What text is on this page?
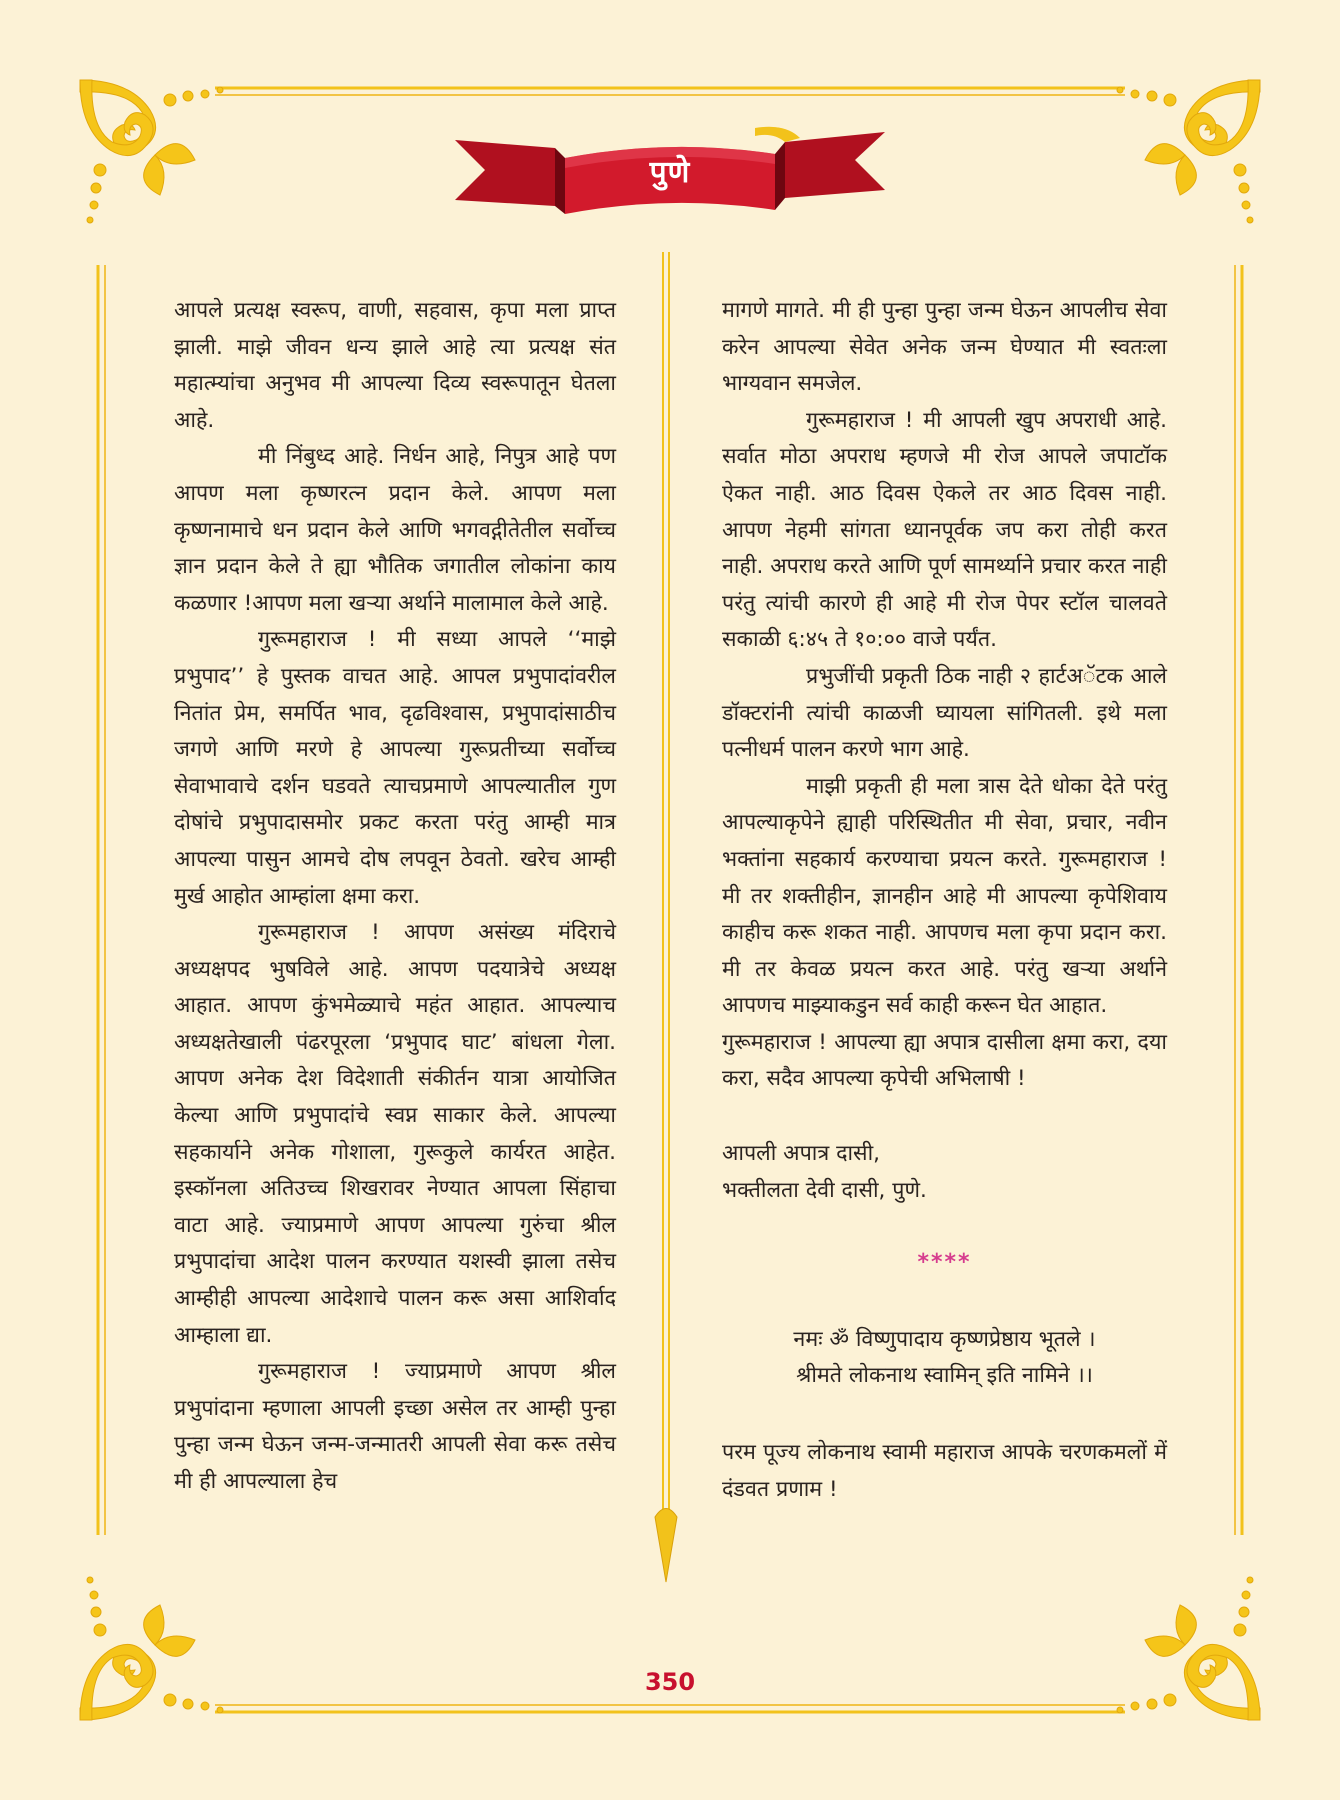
पुणे

आपले प्रत्यक्ष स्वरूप, वाणी, सहवास, कृपा मला प्राप्त झाली. माझे जीवन धन्य झाले आहे त्या प्रत्यक्ष संत महात्म्यांचा अनुभव मी आपल्या दिव्य स्वरूपातून घेतला आहे.

मी निंबुध्द आहे. निर्धन आहे, निपुत्र आहे पण आपण मला कृष्णरत्न प्रदान केले. आपण मला कृष्णनामाचे धन प्रदान केले आणि भगवद्गीतेतील सर्वोच्च ज्ञान प्रदान केले ते ह्या भौतिक जगातील लोकांना काय कळणार !आपण मला खऱ्या अर्थाने मालामाल केले आहे.

गुरूमहाराज ! मी सध्या आपले ‘‘माझे प्रभुपाद’’ हे पुस्तक वाचत आहे. आपल प्रभुपादांवरील नितांत प्रेम, समर्पित भाव, दृढविश्वास, प्रभुपादांसाठीच जगणे आणि मरणे हे आपल्या गुरूप्रतीच्या सर्वोच्च सेवाभावाचे दर्शन घडवते त्याचप्रमाणे आपल्यातील गुण दोषांचे प्रभुपादासमोर प्रकट करता परंतु आम्ही मात्र आपल्या पासुन आमचे दोष लपवून ठेवतो. खरेच आम्ही मुर्ख आहोत आम्हांला क्षमा करा.

गुरूमहाराज ! आपण असंख्य मंदिराचे अध्यक्षपद भुषविले आहे. आपण पदयात्रेचे अध्यक्ष आहात. आपण कुंभमेळ्याचे महंत आहात. आपल्याच अध्यक्षतेखाली पंढरपूरला ‘प्रभुपाद घाट’ बांधला गेला. आपण अनेक देश विदेशाती संकीर्तन यात्रा आयोजित केल्या आणि प्रभुपादांचे स्वप्न साकार केले. आपल्या सहकार्याने अनेक गोशाला, गुरूकुले कार्यरत आहेत. इस्कॉनला अतिउच्च शिखरावर नेण्यात आपला सिंहाचा वाटा आहे. ज्याप्रमाणे आपण आपल्या गुरुंचा श्रील प्रभुपादांचा आदेश पालन करण्यात यशस्वी झाला तसेच आम्हीही आपल्या आदेशाचे पालन करू असा आशिर्वाद आम्हाला द्या.

गुरूमहाराज ! ज्याप्रमाणे आपण श्रील प्रभुपांदाना म्हणाला आपली इच्छा असेल तर आम्ही पुन्हा पुन्हा जन्म घेऊन जन्म-जन्मातरी आपली सेवा करू तसेच मी ही आपल्याला हेच

मागणे मागते. मी ही पुन्हा पुन्हा जन्म घेऊन आपलीच सेवा करेन आपल्या सेवेत अनेक जन्म घेण्यात मी स्वतःला भाग्यवान समजेल.

गुरूमहाराज ! मी आपली खुप अपराधी आहे. सर्वात मोठा अपराध म्हणजे मी रोज आपले जपाटॉक ऐकत नाही. आठ दिवस ऐकले तर आठ दिवस नाही. आपण नेहमी सांगता ध्यानपूर्वक जप करा तोही करत नाही. अपराध करते आणि पूर्ण सामर्थ्याने प्रचार करत नाही परंतु त्यांची कारणे ही आहे मी रोज पेपर स्टॉल चालवते सकाळी ६:४५ ते १०:०० वाजे पर्यंत.

प्रभुजींची प्रकृती ठिक नाही २ हार्टअॅटक आले डॉक्टरांनी त्यांची काळजी घ्यायला सांगितली. इथे मला पत्नीधर्म पालन करणे भाग आहे.

माझी प्रकृती ही मला त्रास देते धोका देते परंतु आपल्याकृपेने ह्याही परिस्थितीत मी सेवा, प्रचार, नवीन भक्तांना सहकार्य करण्याचा प्रयत्न करते. गुरूमहाराज ! मी तर शक्तीहीन, ज्ञानहीन आहे मी आपल्या कृपेशिवाय काहीच करू शकत नाही. आपणच मला कृपा प्रदान करा. मी तर केवळ प्रयत्न करत आहे. परंतु खऱ्या अर्थाने आपणच माझ्याकडुन सर्व काही करून घेत आहात.

गुरूमहाराज ! आपल्या ह्या अपात्र दासीला क्षमा करा, दया करा, सदैव आपल्या कृपेची अभिलाषी !

आपली अपात्र दासी,

भक्तीलता देवी दासी, पुणे.

****

नमः ॐ विष्णुपादाय कृष्णप्रेष्ठाय भूतले ।

श्रीमते लोकनाथ स्वामिन् इति नामिने ।।

परम पूज्य लोकनाथ स्वामी महाराज आपके चरणकमलों में दंडवत प्रणाम !

350
